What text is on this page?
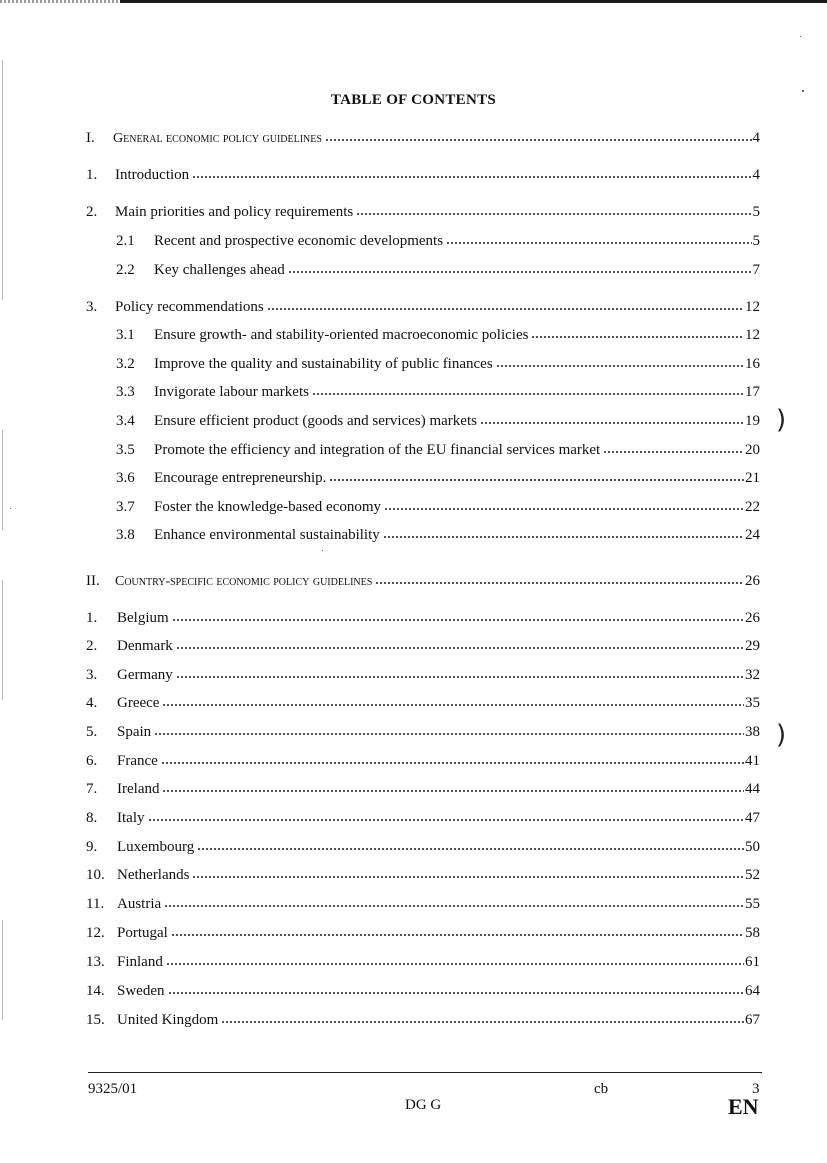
TABLE OF CONTENTS
I.	General economic policy guidelines	4
1.	Introduction	4
2.	Main priorities and policy requirements	5
2.1	Recent and prospective economic developments	5
2.2	Key challenges ahead	7
3.	Policy recommendations	12
3.1	Ensure growth- and stability-oriented macroeconomic policies	12
3.2	Improve the quality and sustainability of public finances	16
3.3	Invigorate labour markets	17
3.4	Ensure efficient product (goods and services) markets	19
3.5	Promote the efficiency and integration of the EU financial services market	20
3.6	Encourage entrepreneurship.	21
3.7	Foster the knowledge-based economy	22
3.8	Enhance environmental sustainability	24
II.	Country-specific economic policy guidelines	26
1.	Belgium	26
2.	Denmark	29
3.	Germany	32
4.	Greece	35
5.	Spain	38
6.	France	41
7.	Ireland	44
8.	Italy	47
9.	Luxembourg	50
10. Netherlands	52
11. Austria	55
12. Portugal	58
13. Finland	61
14. Sweden	64
15. United Kingdom	67
9325/01	cb	3
DG G	EN
)
)
